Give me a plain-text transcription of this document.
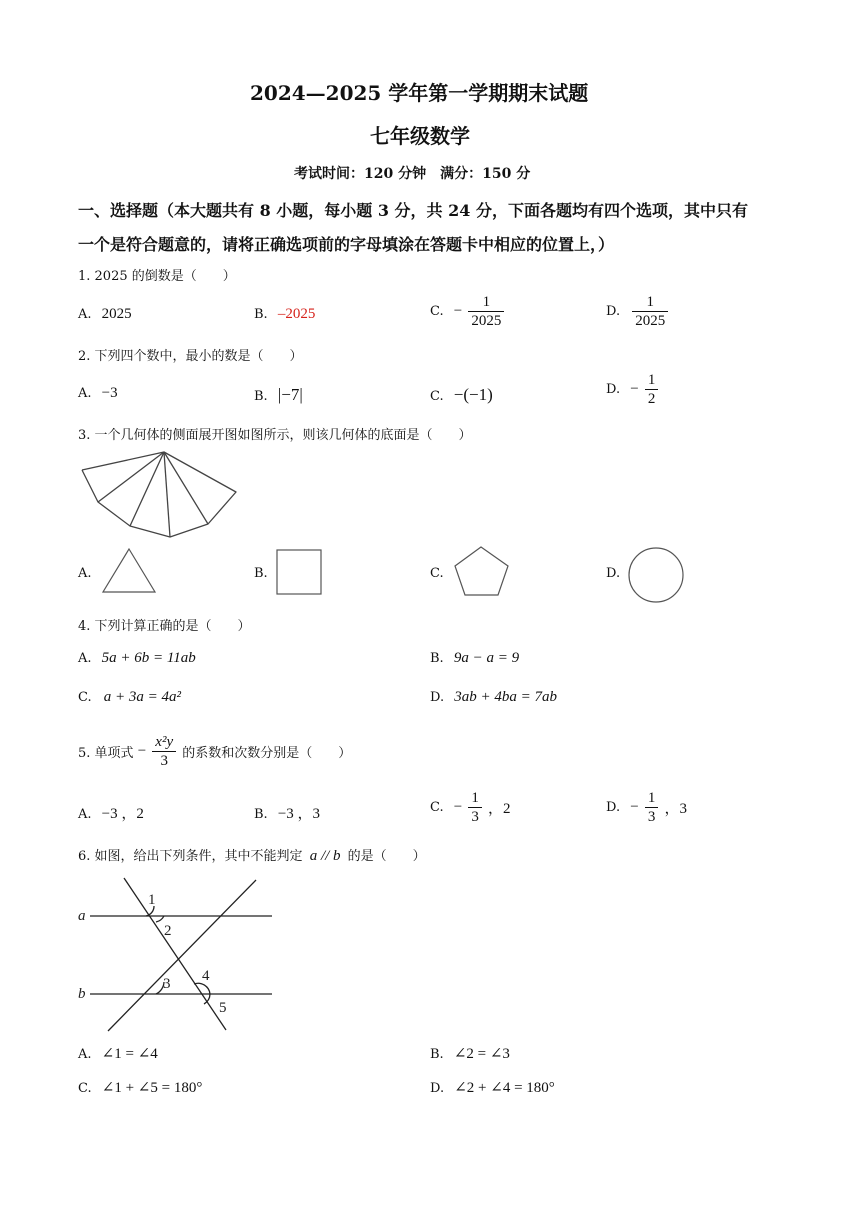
2024—2025 学年第一学期期末试题
七年级数学
考试时间：120 分钟　满分：150 分
一、选择题（本大题共有 8 小题，每小题 3 分，共 24 分，下面各题均有四个选项，其中只有
一个是符合题意的，请将正确选项前的字母填涂在答题卡中相应的位置上，）
1. 2025 的倒数是（　　）
A. 2025	B. –2025	C. − $\frac{1}{2025}$	D. $\frac{1}{2025}$
2. 下列四个数中，最小的数是（　　）
A. −3	B. |−7|	C. −(−1)	D. − $\frac{1}{2}$
3. 一个几何体的侧面展开图如图所示，则该几何体的底面是（　　）
A.	B.	C.	D.
4. 下列计算正确的是（　　）
A. 5a + 6b = 11ab	B. 9a − a = 9
C. a + 3a = 4a²	D. 3ab + 4ba = 7ab
5. 单项式 − $\frac{\text{x²y}}{3}$ 的系数和次数分别是（　　）
A. −3 ，2	B. −3 ，3	C. − $\frac{1}{3}$ ，2	D. − $\frac{1}{3}$ ，3
6. 如图，给出下列条件，其中不能判定 a // b 的是（　　）
a
b
1
2
3 4
5
A. ∠1 = ∠4	B. ∠2 = ∠3
C. ∠1 + ∠5 = 180°	D. ∠2 + ∠4 = 180°
